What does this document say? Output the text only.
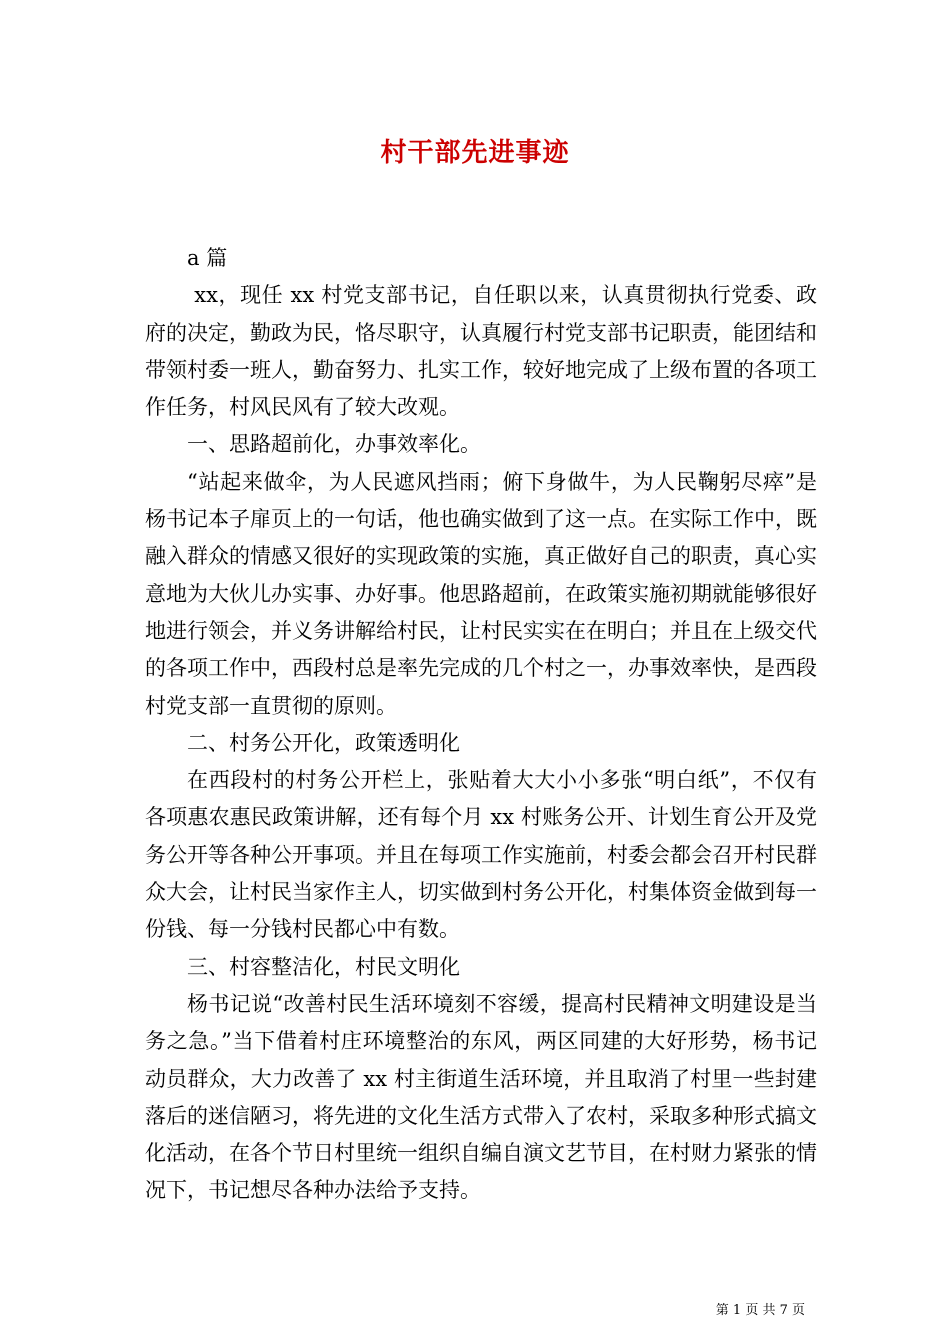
村干部先进事迹

a 篇

xx，现任 xx 村党支部书记，自任职以来，认真贯彻执行党委、政府的决定，勤政为民，恪尽职守，认真履行村党支部书记职责，能团结和带领村委一班人，勤奋努力、扎实工作，较好地完成了上级布置的各项工作任务，村风民风有了较大改观。

一、思路超前化，办事效率化。

“站起来做伞，为人民遮风挡雨；俯下身做牛，为人民鞠躬尽瘁”是杨书记本子扉页上的一句话，他也确实做到了这一点。在实际工作中，既融入群众的情感又很好的实现政策的实施，真正做好自己的职责，真心实意地为大伙儿办实事、办好事。他思路超前，在政策实施初期就能够很好地进行领会，并义务讲解给村民，让村民实实在在明白；并且在上级交代的各项工作中，西段村总是率先完成的几个村之一，办事效率快，是西段村党支部一直贯彻的原则。

二、村务公开化，政策透明化

在西段村的村务公开栏上，张贴着大大小小多张“明白纸”，不仅有各项惠农惠民政策讲解，还有每个月 xx 村账务公开、计划生育公开及党务公开等各种公开事项。并且在每项工作实施前，村委会都会召开村民群众大会，让村民当家作主人，切实做到村务公开化，村集体资金做到每一份钱、每一分钱村民都心中有数。

三、村容整洁化，村民文明化

杨书记说“改善村民生活环境刻不容缓，提高村民精神文明建设是当务之急。”当下借着村庄环境整治的东风，两区同建的大好形势，杨书记动员群众，大力改善了 xx 村主街道生活环境，并且取消了村里一些封建落后的迷信陋习，将先进的文化生活方式带入了农村，采取多种形式搞文化活动，在各个节日村里统一组织自编自演文艺节目，在村财力紧张的情况下，书记想尽各种办法给予支持。

第 1 页 共 7 页
